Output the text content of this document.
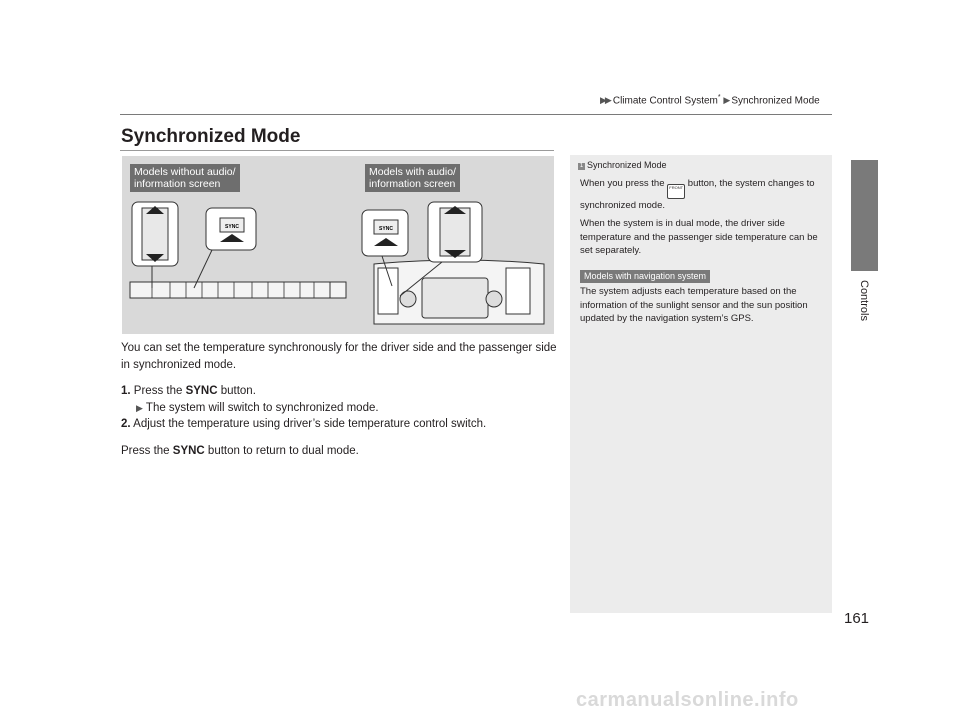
▶▶ Climate Control System* ▶ Synchronized Mode
Controls
Synchronized Mode
Models without audio/
information screen
Models with audio/
information screen
SYNC	SYNC

You can set the temperature synchronously for the driver side and the passenger side in synchronized mode.

1. Press the SYNC button.

▶ The system will switch to synchronized mode.

2. Adjust the temperature using driver’s side temperature control switch.

Press the SYNC button to return to dual mode.

1 Synchronized Mode
When you press the FRONT button, the system changes to synchronized mode.
When the system is in dual mode, the driver side temperature and the passenger side temperature can be set separately.
Models with navigation system
The system adjusts each temperature based on the information of the sunlight sensor and the sun position updated by the navigation system’s GPS.
161
carmanualsonline.info
